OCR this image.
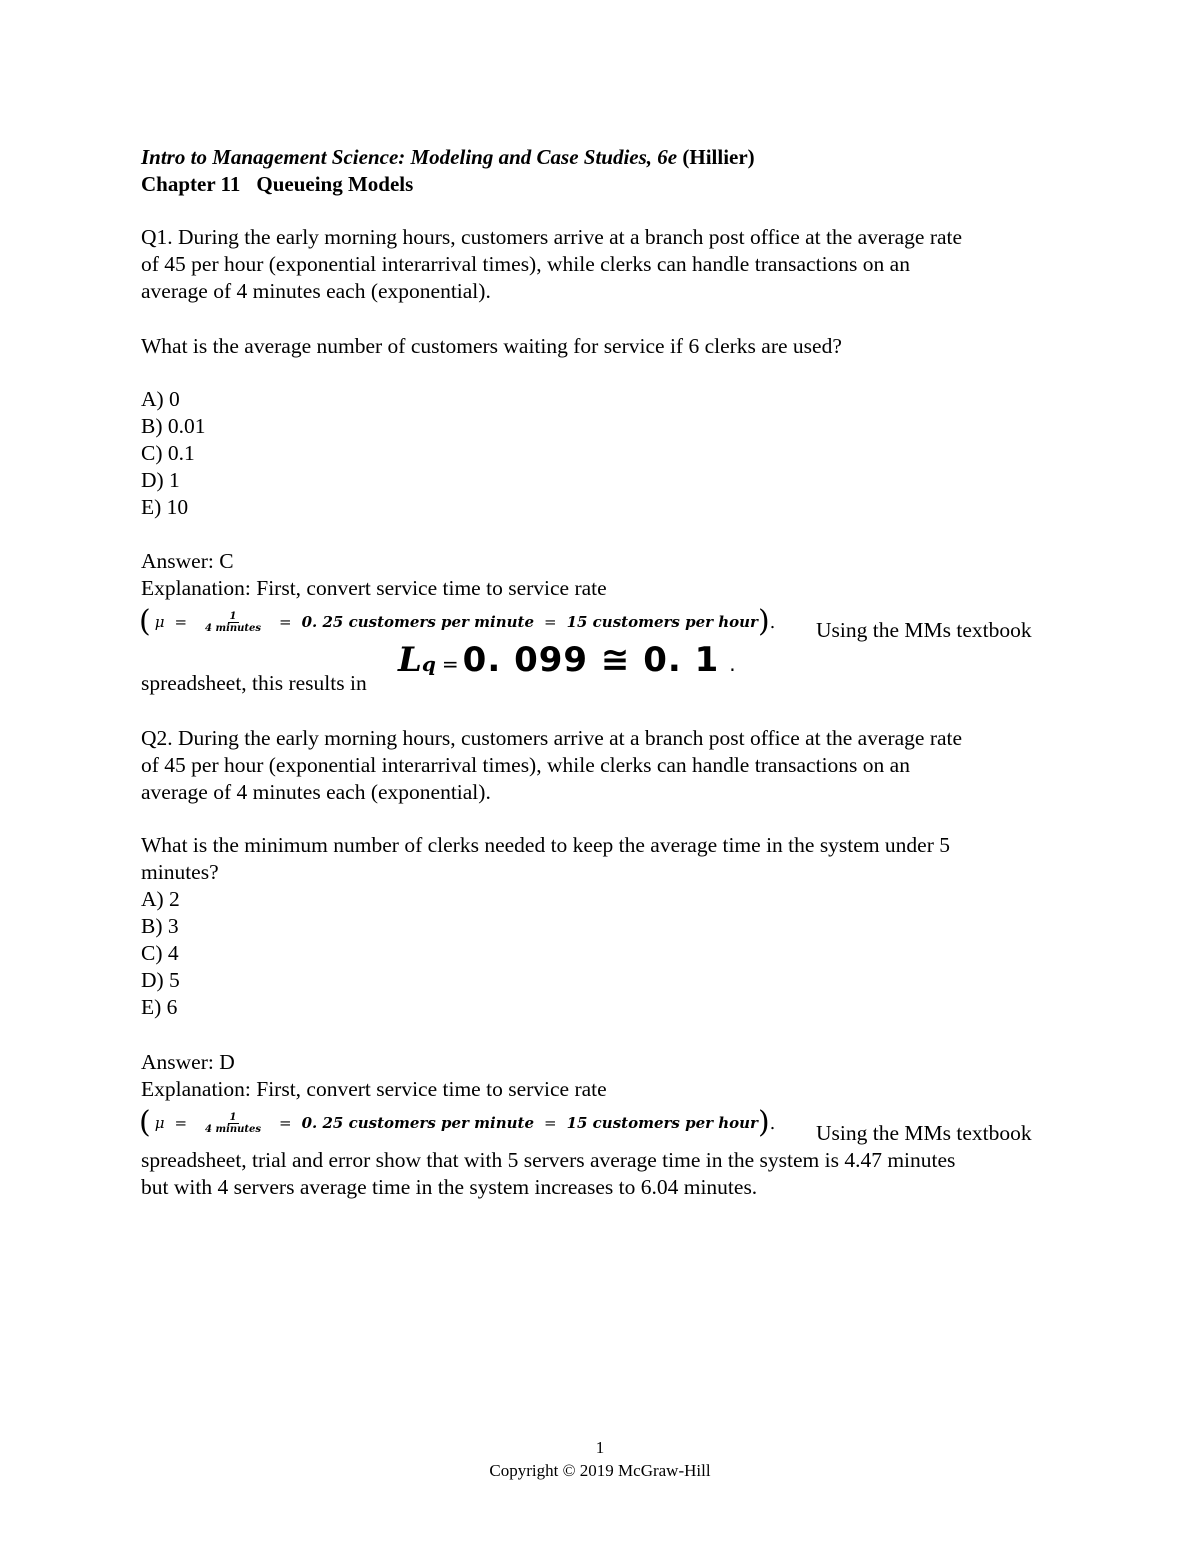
Intro to Management Science: Modeling and Case Studies, 6e (Hillier)
Chapter 11 Queueing Models
Q1. During the early morning hours, customers arrive at a branch post office at the average rate
of 45 per hour (exponential interarrival times), while clerks can handle transactions on an
average of 4 minutes each (exponential).
What is the average number of customers waiting for service if 6 clerks are used?
A) 0
B) 0.01
C) 0.1
D) 1
E) 10
Answer: C
Explanation: First, convert service time to service rate
( $\mu = \frac{1}{\text{4 minutes}} = 0$. 25 customers per minute = 15 customers per hour ) . Using the MMs textbook
spreadsheet, this results in
L q = 0. 099 ≅ 0. 1 .
Q2. During the early morning hours, customers arrive at a branch post office at the average rate
of 45 per hour (exponential interarrival times), while clerks can handle transactions on an
average of 4 minutes each (exponential).
What is the minimum number of clerks needed to keep the average time in the system under 5
minutes?
A) 2
B) 3
C) 4
D) 5
E) 6
Answer: D
Explanation: First, convert service time to service rate
( $\mu = \frac{1}{\text{4 minutes}} = 0$. 25 customers per minute = 15 customers per hour ) . Using the MMs textbook
spreadsheet, trial and error show that with 5 servers average time in the system is 4.47 minutes
but with 4 servers average time in the system increases to 6.04 minutes.
1
Copyright © 2019 McGraw-Hill
